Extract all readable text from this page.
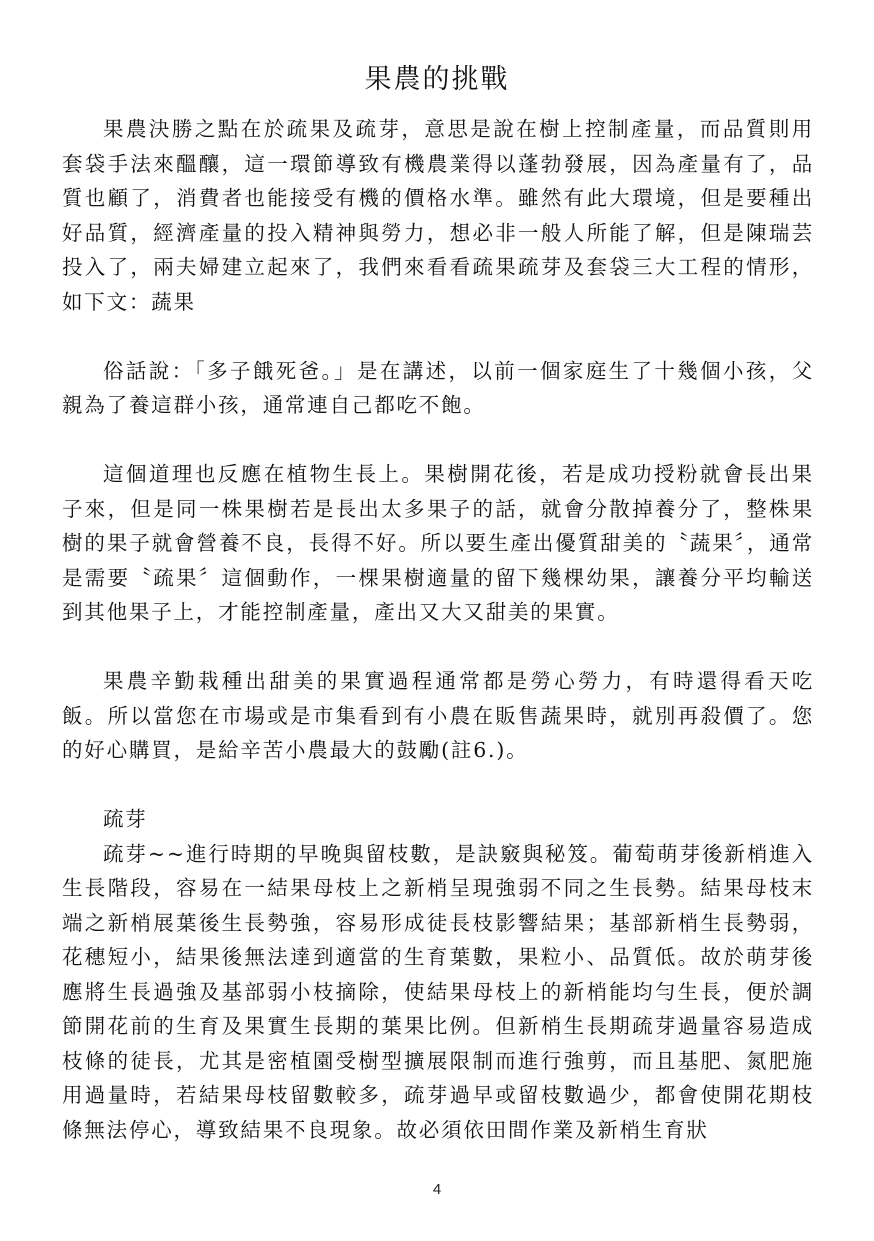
果農的挑戰

果農決勝之點在於疏果及疏芽，意思是說在樹上控制產量，而品質則用套袋手法來醞釀，這一環節導致有機農業得以蓬勃發展，因為產量有了，品質也顧了，消費者也能接受有機的價格水準。雖然有此大環境，但是要種出好品質，經濟產量的投入精神與勞力，想必非一般人所能了解，但是陳瑞芸投入了，兩夫婦建立起來了，我們來看看疏果疏芽及套袋三大工程的情形，如下文：蔬果

俗話說：「多子餓死爸。」是在講述，以前一個家庭生了十幾個小孩，父親為了養這群小孩，通常連自己都吃不飽。

這個道理也反應在植物生長上。果樹開花後，若是成功授粉就會長出果子來，但是同一株果樹若是長出太多果子的話，就會分散掉養分了，整株果樹的果子就會營養不良，長得不好。所以要生產出優質甜美的〝蔬果〞，通常是需要〝疏果〞這個動作，一棵果樹適量的留下幾棵幼果，讓養分平均輸送到其他果子上，才能控制產量，產出又大又甜美的果實。

果農辛勤栽種出甜美的果實過程通常都是勞心勞力，有時還得看天吃飯。所以當您在市場或是市集看到有小農在販售蔬果時，就別再殺價了。您的好心購買，是給辛苦小農最大的鼓勵(註6.)。

疏芽

疏芽~~進行時期的早晚與留枝數，是訣竅與秘笈。葡萄萌芽後新梢進入生長階段，容易在一結果母枝上之新梢呈現強弱不同之生長勢。結果母枝末端之新梢展葉後生長勢強，容易形成徒長枝影響結果；基部新梢生長勢弱，花穗短小，結果後無法達到適當的生育葉數，果粒小、品質低。故於萌芽後應將生長過強及基部弱小枝摘除，使結果母枝上的新梢能均勻生長，便於調節開花前的生育及果實生長期的葉果比例。但新梢生長期疏芽過量容易造成枝條的徒長，尤其是密植園受樹型擴展限制而進行強剪，而且基肥、氮肥施用過量時，若結果母枝留數較多，疏芽過早或留枝數過少，都會使開花期枝條無法停心，導致結果不良現象。故必須依田間作業及新梢生育狀

4
